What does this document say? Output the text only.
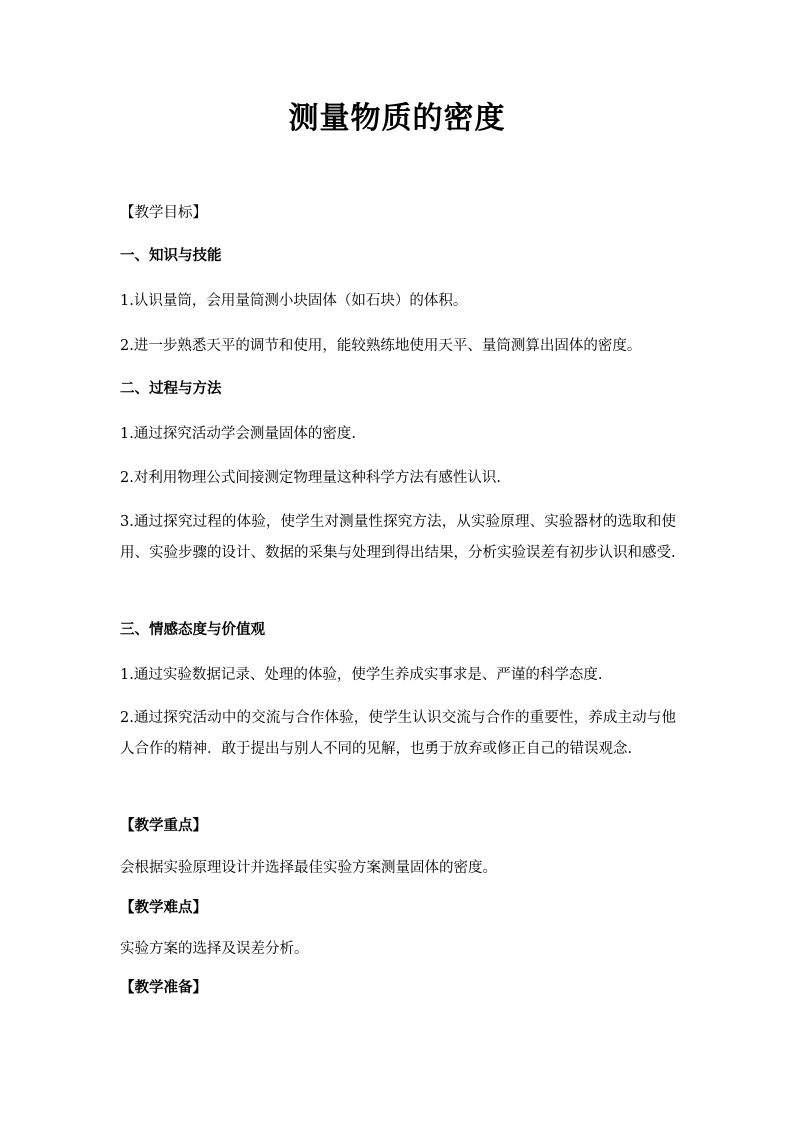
测量物质的密度
【教学目标】
一、知识与技能
1.认识量筒，会用量筒测小块固体（如石块）的体积。
2.进一步熟悉天平的调节和使用，能较熟练地使用天平、量筒测算出固体的密度。
二、过程与方法
1.通过探究活动学会测量固体的密度.
2.对利用物理公式间接测定物理量这种科学方法有感性认识.
3.通过探究过程的体验，使学生对测量性探究方法，从实验原理、实验器材的选取和使用、实验步骤的设计、数据的采集与处理到得出结果，分析实验误差有初步认识和感受.
三、情感态度与价值观
1.通过实验数据记录、处理的体验，使学生养成实事求是、严谨的科学态度.
2.通过探究活动中的交流与合作体验，使学生认识交流与合作的重要性，养成主动与他人合作的精神．敢于提出与别人不同的见解，也勇于放弃或修正自己的错误观念.
【教学重点】
会根据实验原理设计并选择最佳实验方案测量固体的密度。
【教学难点】
实验方案的选择及误差分析。
【教学准备】
